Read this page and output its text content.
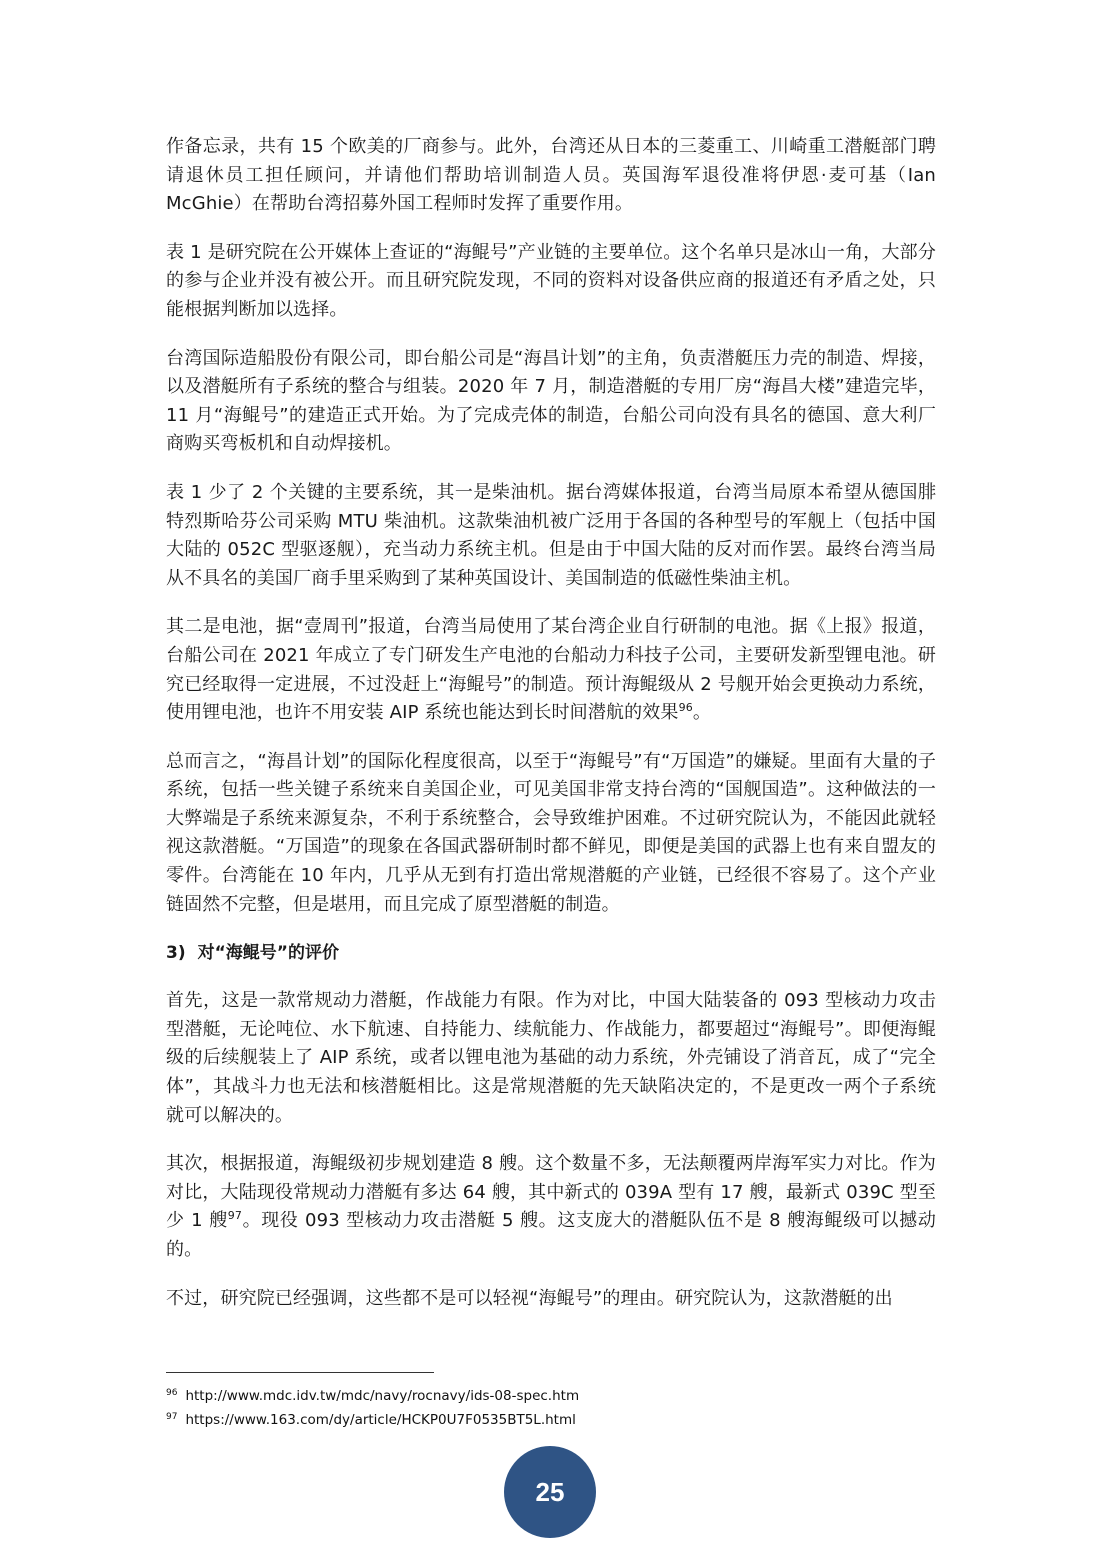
作备忘录，共有 15 个欧美的厂商参与。此外，台湾还从日本的三菱重工、川崎重工潜艇部门聘请退休员工担任顾问，并请他们帮助培训制造人员。英国海军退役准将伊恩·麦可基（Ian McGhie）在帮助台湾招募外国工程师时发挥了重要作用。

表 1 是研究院在公开媒体上查证的“海鲲号”产业链的主要单位。这个名单只是冰山一角，大部分的参与企业并没有被公开。而且研究院发现，不同的资料对设备供应商的报道还有矛盾之处，只能根据判断加以选择。

台湾国际造船股份有限公司，即台船公司是“海昌计划”的主角，负责潜艇压力壳的制造、焊接，以及潜艇所有子系统的整合与组装。2020 年 7 月，制造潜艇的专用厂房“海昌大楼”建造完毕，11 月“海鲲号”的建造正式开始。为了完成壳体的制造，台船公司向没有具名的德国、意大利厂商购买弯板机和自动焊接机。

表 1 少了 2 个关键的主要系统，其一是柴油机。据台湾媒体报道，台湾当局原本希望从德国腓特烈斯哈芬公司采购 MTU 柴油机。这款柴油机被广泛用于各国的各种型号的军舰上（包括中国大陆的 052C 型驱逐舰），充当动力系统主机。但是由于中国大陆的反对而作罢。最终台湾当局从不具名的美国厂商手里采购到了某种英国设计、美国制造的低磁性柴油主机。

其二是电池，据“壹周刊”报道，台湾当局使用了某台湾企业自行研制的电池。据《上报》报道，台船公司在 2021 年成立了专门研发生产电池的台船动力科技子公司，主要研发新型锂电池。研究已经取得一定进展，不过没赶上“海鲲号”的制造。预计海鲲级从 2 号舰开始会更换动力系统，使用锂电池，也许不用安装 AIP 系统也能达到长时间潜航的效果$^{96}$。

总而言之，“海昌计划”的国际化程度很高，以至于“海鲲号”有“万国造”的嫌疑。里面有大量的子系统，包括一些关键子系统来自美国企业，可见美国非常支持台湾的“国舰国造”。这种做法的一大弊端是子系统来源复杂，不利于系统整合，会导致维护困难。不过研究院认为，不能因此就轻视这款潜艇。“万国造”的现象在各国武器研制时都不鲜见，即便是美国的武器上也有来自盟友的零件。台湾能在 10 年内，几乎从无到有打造出常规潜艇的产业链，已经很不容易了。这个产业链固然不完整，但是堪用，而且完成了原型潜艇的制造。

3) 对“海鲲号”的评价

首先，这是一款常规动力潜艇，作战能力有限。作为对比，中国大陆装备的 093 型核动力攻击型潜艇，无论吨位、水下航速、自持能力、续航能力、作战能力，都要超过“海鲲号”。即便海鲲级的后续舰装上了 AIP 系统，或者以锂电池为基础的动力系统，外壳铺设了消音瓦，成了“完全体”，其战斗力也无法和核潜艇相比。这是常规潜艇的先天缺陷决定的，不是更改一两个子系统就可以解决的。

其次，根据报道，海鲲级初步规划建造 8 艘。这个数量不多，无法颠覆两岸海军实力对比。作为对比，大陆现役常规动力潜艇有多达 64 艘，其中新式的 039A 型有 17 艘，最新式 039C 型至少 1 艘$^{97}$。现役 093 型核动力攻击潜艇 5 艘。这支庞大的潜艇队伍不是 8 艘海鲲级可以撼动的。

不过，研究院已经强调，这些都不是可以轻视“海鲲号”的理由。研究院认为，这款潜艇的出

$^{96}$ http://www.mdc.idv.tw/mdc/navy/rocnavy/ids-08-spec.htm
$^{97}$ https://www.163.com/dy/article/HCKP0U7F0535BT5L.html
25
